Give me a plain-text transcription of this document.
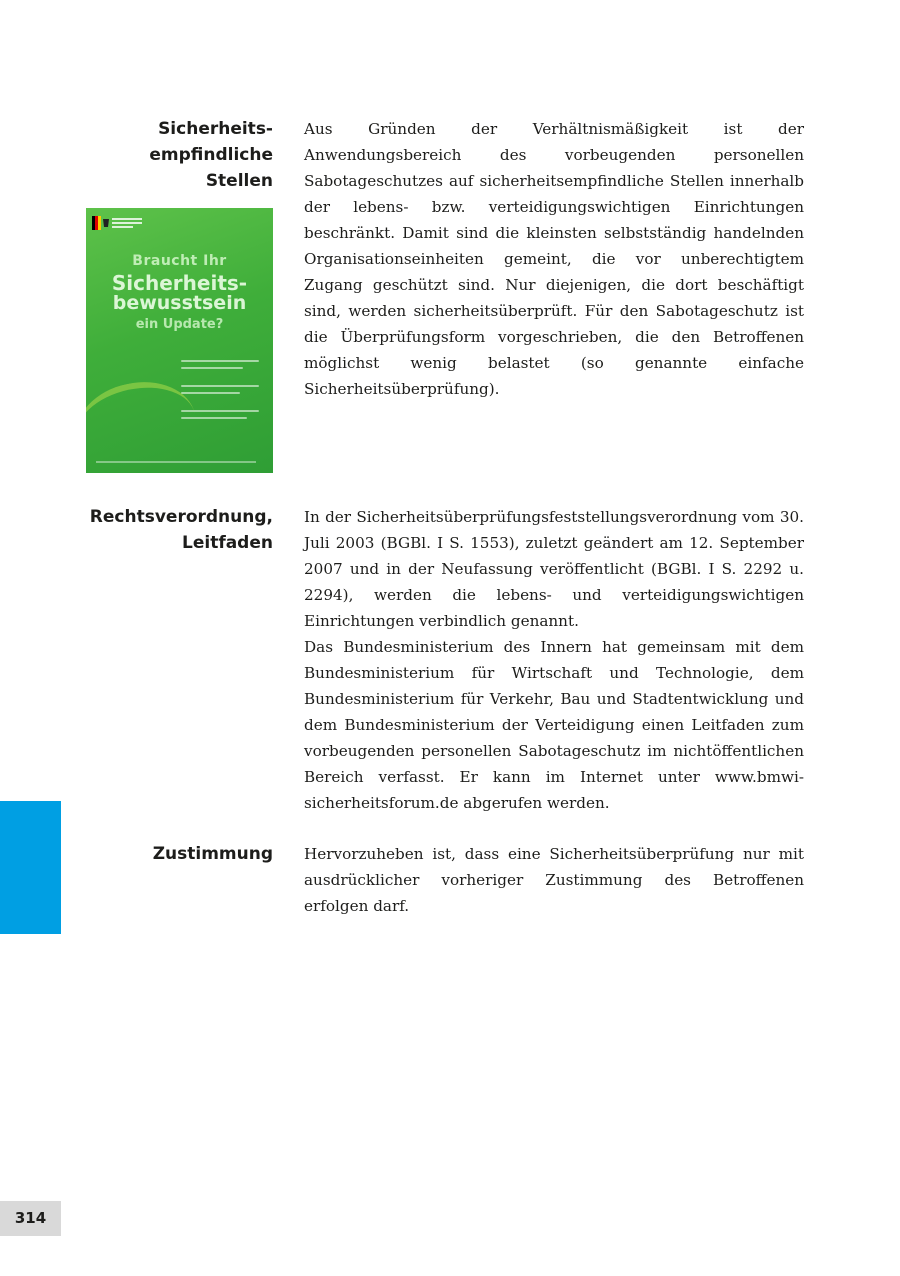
Sicherheits-
empfindliche
Stellen

Aus Gründen der Verhältnismäßigkeit ist der Anwendungsbereich des vorbeugenden personellen Sabotageschutzes auf sicherheitsempfindliche Stellen innerhalb der lebens- bzw. verteidigungswichtigen Einrichtungen beschränkt. Damit sind die kleinsten selbstständig handelnden Organisationseinheiten gemeint, die vor unberechtigtem Zugang geschützt sind. Nur diejenigen, die dort beschäftigt sind, werden sicherheitsüberprüft. Für den Sabotageschutz ist die Überprüfungsform vorgeschrieben, die den Betroffenen möglichst wenig belastet (so genannte einfache Sicherheitsüberprüfung).

Braucht Ihr
Sicherheits-
bewusstsein
ein Update?
Rechtsverordnung,
Leitfaden

In der Sicherheitsüberprüfungsfeststellungsverordnung vom 30. Juli 2003 (BGBl. I S. 1553), zuletzt geändert am 12. September 2007 und in der Neufassung veröffentlicht (BGBl. I S. 2292 u. 2294), werden die lebens- und verteidigungswichtigen Einrichtungen verbindlich genannt.

Das Bundesministerium des Innern hat gemeinsam mit dem Bundesministerium für Wirtschaft und Technologie, dem Bundesministerium für Verkehr, Bau und Stadtentwicklung und dem Bundesministerium der Verteidigung einen Leitfaden zum vorbeugenden personellen Sabotageschutz im nichtöffentlichen Bereich verfasst. Er kann im Internet unter www.bmwi-sicherheitsforum.de abgerufen werden.

Zustimmung Hervorzuheben ist, dass eine Sicherheitsüberprüfung nur mit ausdrücklicher vorheriger Zustimmung des Betroffenen erfolgen darf.

314
